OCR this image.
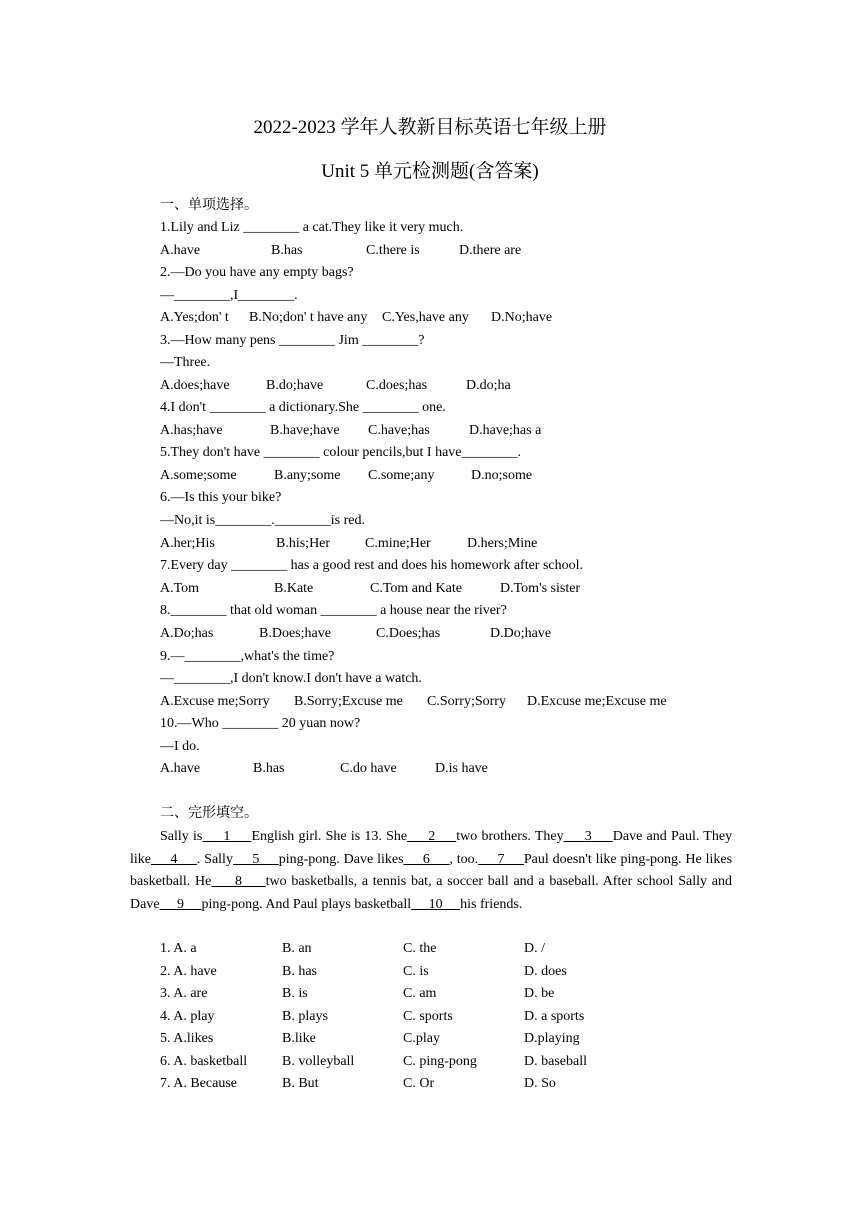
2022-2023 学年人教新目标英语七年级上册
Unit 5 单元检测题(含答案)
一、单项选择。
1.Lily and Liz ________ a cat.They like it very much.
A.have	B.has	C.there is	D.there are
2.—Do you have any empty bags?
—________,I________.
A.Yes;don' t B.No;don' t have any C.Yes,have any D.No;have
3.—How many pens ________ Jim ________?
—Three.
A.does;have	B.do;have	C.does;has	D.do;ha
4.I don't ________ a dictionary.She ________ one.
A.has;have	B.have;have C.have;has	D.have;has a
5.They don't have ________ colour pencils,but I have________.
A.some;some	B.any;some C.some;any	D.no;some
6.—Is this your bike?
—No,it is________.________is red.
A.her;His	B.his;Her C.mine;Her	D.hers;Mine
7.Every day ________ has a good rest and does his homework after school.
A.Tom	B.Kate	C.Tom and Kate	D.Tom's sister
8.________ that old woman ________ a house near the river?
A.Do;has	B.Does;have	C.Does;has	D.Do;have
9.—________,what's the time?
—________,I don't know.I don't have a watch.
A.Excuse me;Sorry B.Sorry;Excuse me C.Sorry;Sorry D.Excuse me;Excuse me
10.—Who ________ 20 yuan now?
—I do.
A.have	B.has	C.do have	D.is have
二、完形填空。
Sally is 1 English girl. She is 13. She 2 two brothers. They 3 Dave and Paul. They like 4 . Sally 5 ping-pong. Dave likes 6 , too. 7 Paul doesn't like ping-pong. He likes basketball. He 8 two basketballs, a tennis bat, a soccer ball and a baseball. After school Sally and Dave 9 ping-pong. And Paul plays basketball 10 his friends.
1. A. a	B. an	C. the	D. /
2. A. have	B. has	C. is	D. does
3. A. are	B. is	C. am	D. be
4. A. play	B. plays	C. sports	D. a sports
5. A.likes	B.like	C.play	D.playing
6. A. basketball B. volleyball	C. ping-pong	D. baseball
7. A. Because	B. But	C. Or	D. So
